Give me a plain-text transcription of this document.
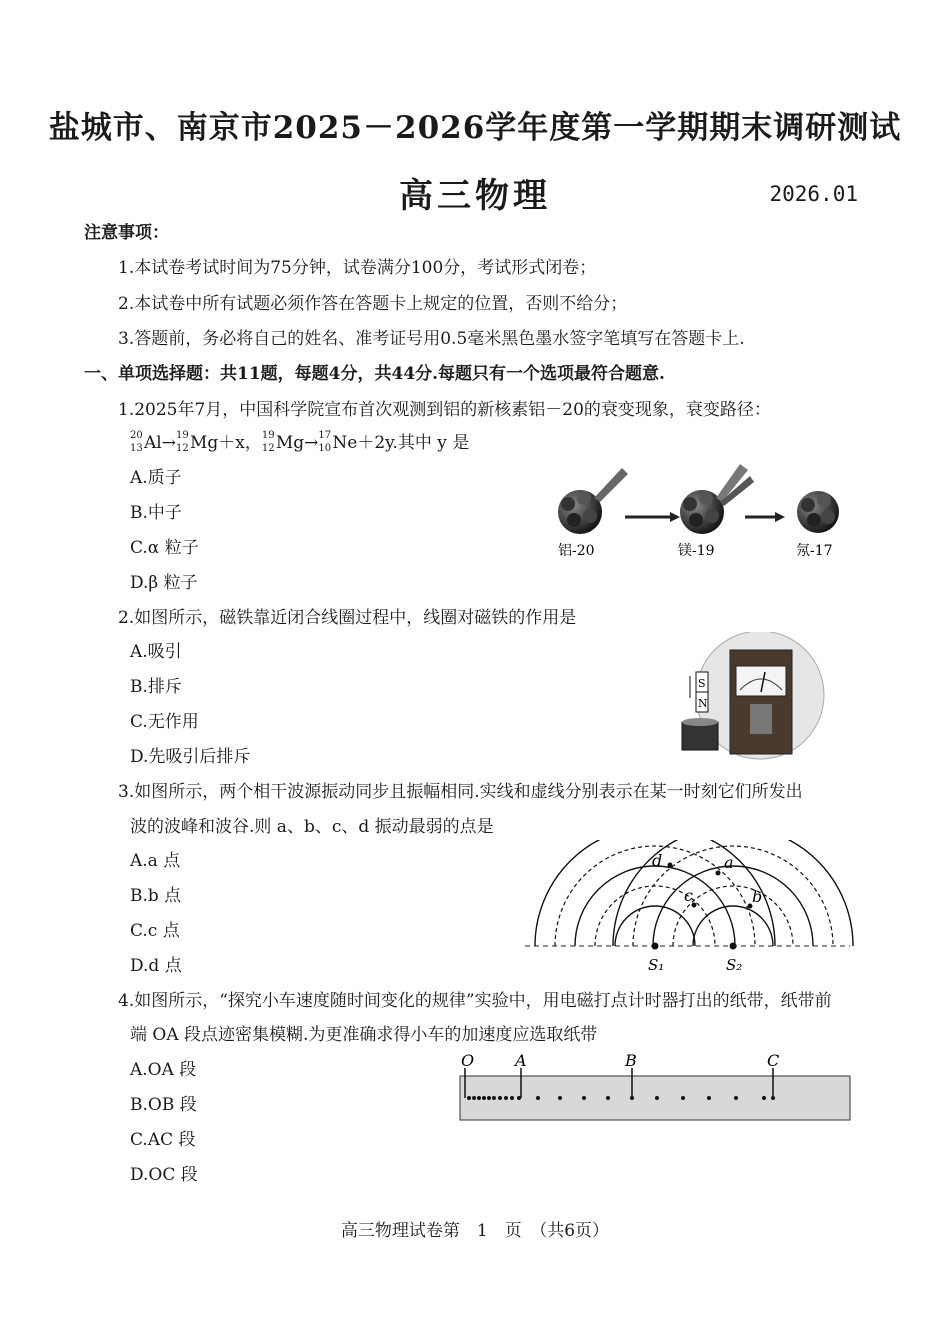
盐城市、南京市2025－2026学年度第一学期期末调研测试
高三物理	2026.01
注意事项：
1.本试卷考试时间为75分钟，试卷满分100分，考试形式闭卷；
2.本试卷中所有试题必须作答在答题卡上规定的位置，否则不给分；
3.答题前，务必将自己的姓名、准考证号用0.5毫米黑色墨水签字笔填写在答题卡上.
一、单项选择题：共11题，每题4分，共44分.每题只有一个选项最符合题意.
1.2025年7月，中国科学院宣布首次观测到铝的新核素铝－20的衰变现象，衰变路径：
20
13 Al→ 19
12 Mg＋x， 19
12 Mg→ 17
10 Ne＋2y.其中 y 是
A.质子
B.中子
C.α 粒子
D.β 粒子
铝-20	镁-19	氖-17
2.如图所示，磁铁靠近闭合线圈过程中，线圈对磁铁的作用是
A.吸引
B.排斥
C.无作用
D.先吸引后排斥
S
N
3.如图所示，两个相干波源振动同步且振幅相同.实线和虚线分别表示在某一时刻它们所发出
波的波峰和波谷.则 a、b、c、d 振动最弱的点是
A.a 点
B.b 点
C.c 点
D.d 点
d	a
c	b
S₁	S₂
4.如图所示，“探究小车速度随时间变化的规律”实验中，用电磁打点计时器打出的纸带，纸带前
端 OA 段点迹密集模糊.为更准确求得小车的加速度应选取纸带
A.OA 段
B.OB 段
C.AC 段
D.OC 段
O	A	B	C
高三物理试卷第　1　页　（共6页）
